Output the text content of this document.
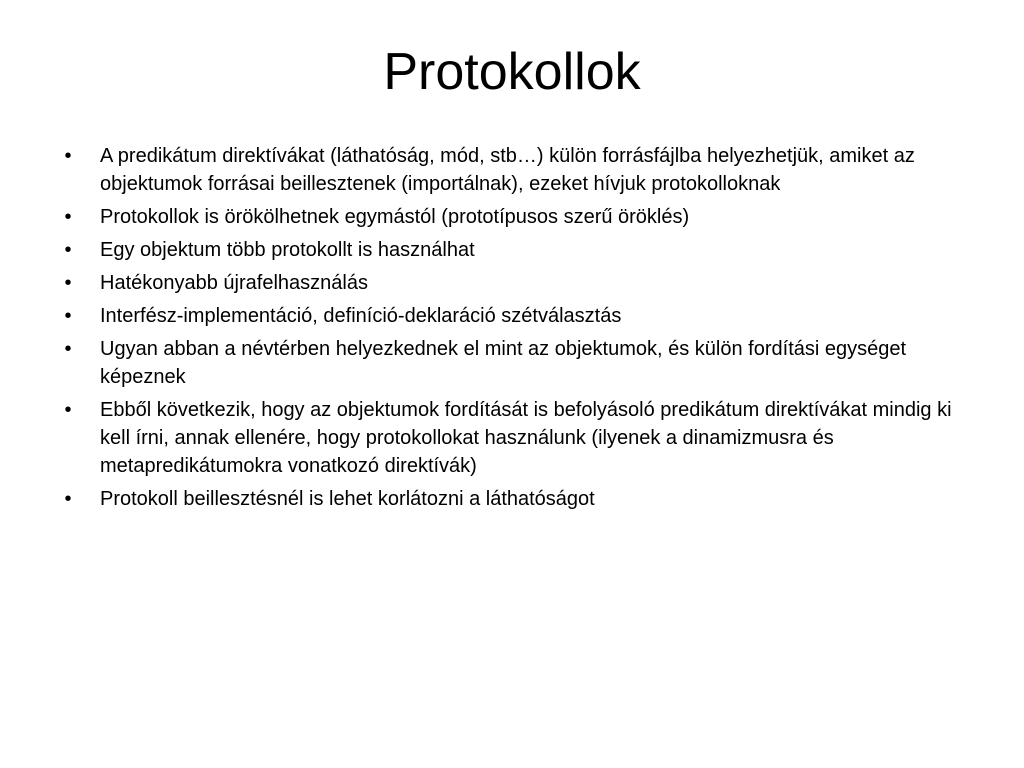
Protokollok
•	A predikátum direktívákat (láthatóság, mód, stb…) külön forrásfájlba helyezhetjük, amiket az objektumok forrásai beillesztenek (importálnak), ezeket hívjuk protokolloknak
•	Protokollok is örökölhetnek egymástól (prototípusos szerű öröklés)
•	Egy objektum több protokollt is használhat
•	Hatékonyabb újrafelhasználás
•	Interfész-implementáció, definíció-deklaráció szétválasztás
•	Ugyan abban a névtérben helyezkednek el mint az objektumok, és külön fordítási egységet képeznek
•	Ebből következik, hogy az objektumok fordítását is befolyásoló predikátum direktívákat mindig ki kell írni, annak ellenére, hogy protokollokat használunk (ilyenek a dinamizmusra és metapredikátumokra vonatkozó direktívák)
•	Protokoll beillesztésnél is lehet korlátozni a láthatóságot
